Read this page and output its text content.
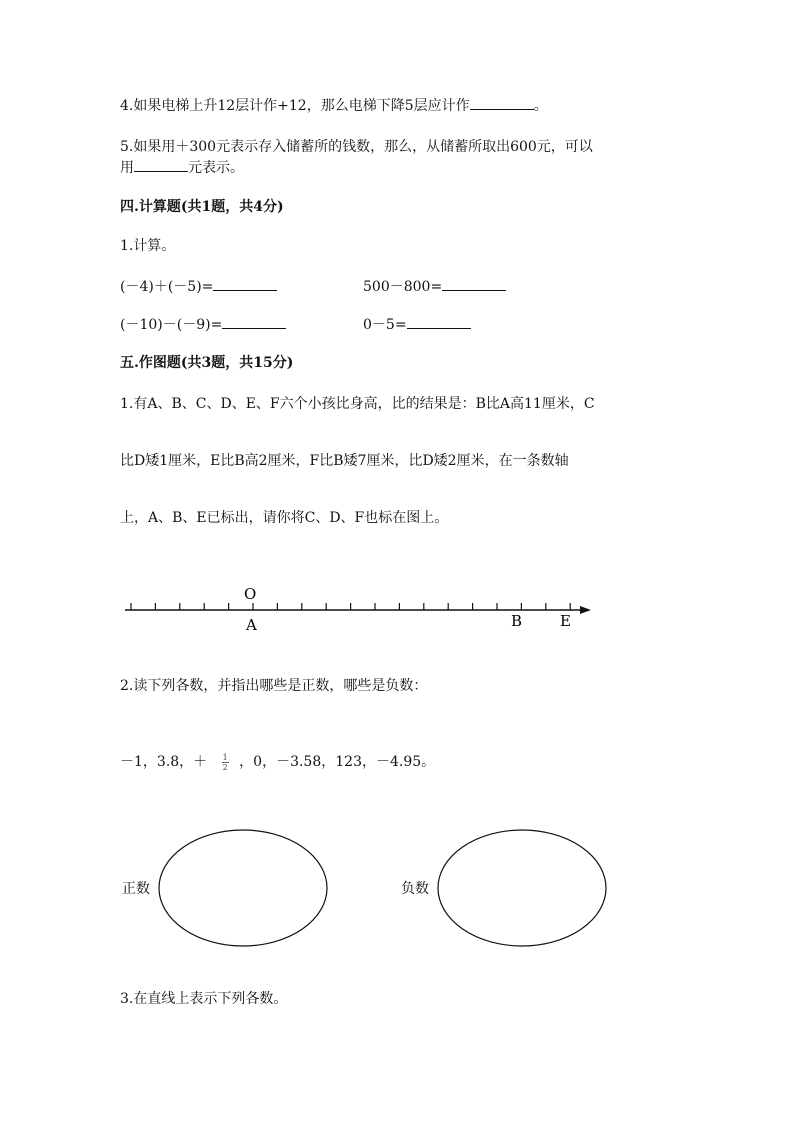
4.如果电梯上升12层计作+12，那么电梯下降5层应计作	。
5.如果用＋300元表示存入储蓄所的钱数，那么，从储蓄所取出600元，可以
用	元表示。
四.计算题(共1题，共4分)
1.计算。
(－4)＋(－5)=	500－800=
(－10)－(－9)=	0－5=
五.作图题(共3题，共15分)
1.有A、B、C、D、E、F六个小孩比身高，比的结果是：B比A高11厘米，C
比D矮1厘米，E比B高2厘米，F比B矮7厘米，比D矮2厘米，在一条数轴
上，A、B、E已标出，请你将C、D、F也标在图上。
O
A	B	E
2.读下列各数，并指出哪些是正数，哪些是负数：
－1，3.8，＋ $\frac{1}{2}$ ，0，－3.58，123，－4.95。
正数	负数
3.在直线上表示下列各数。
